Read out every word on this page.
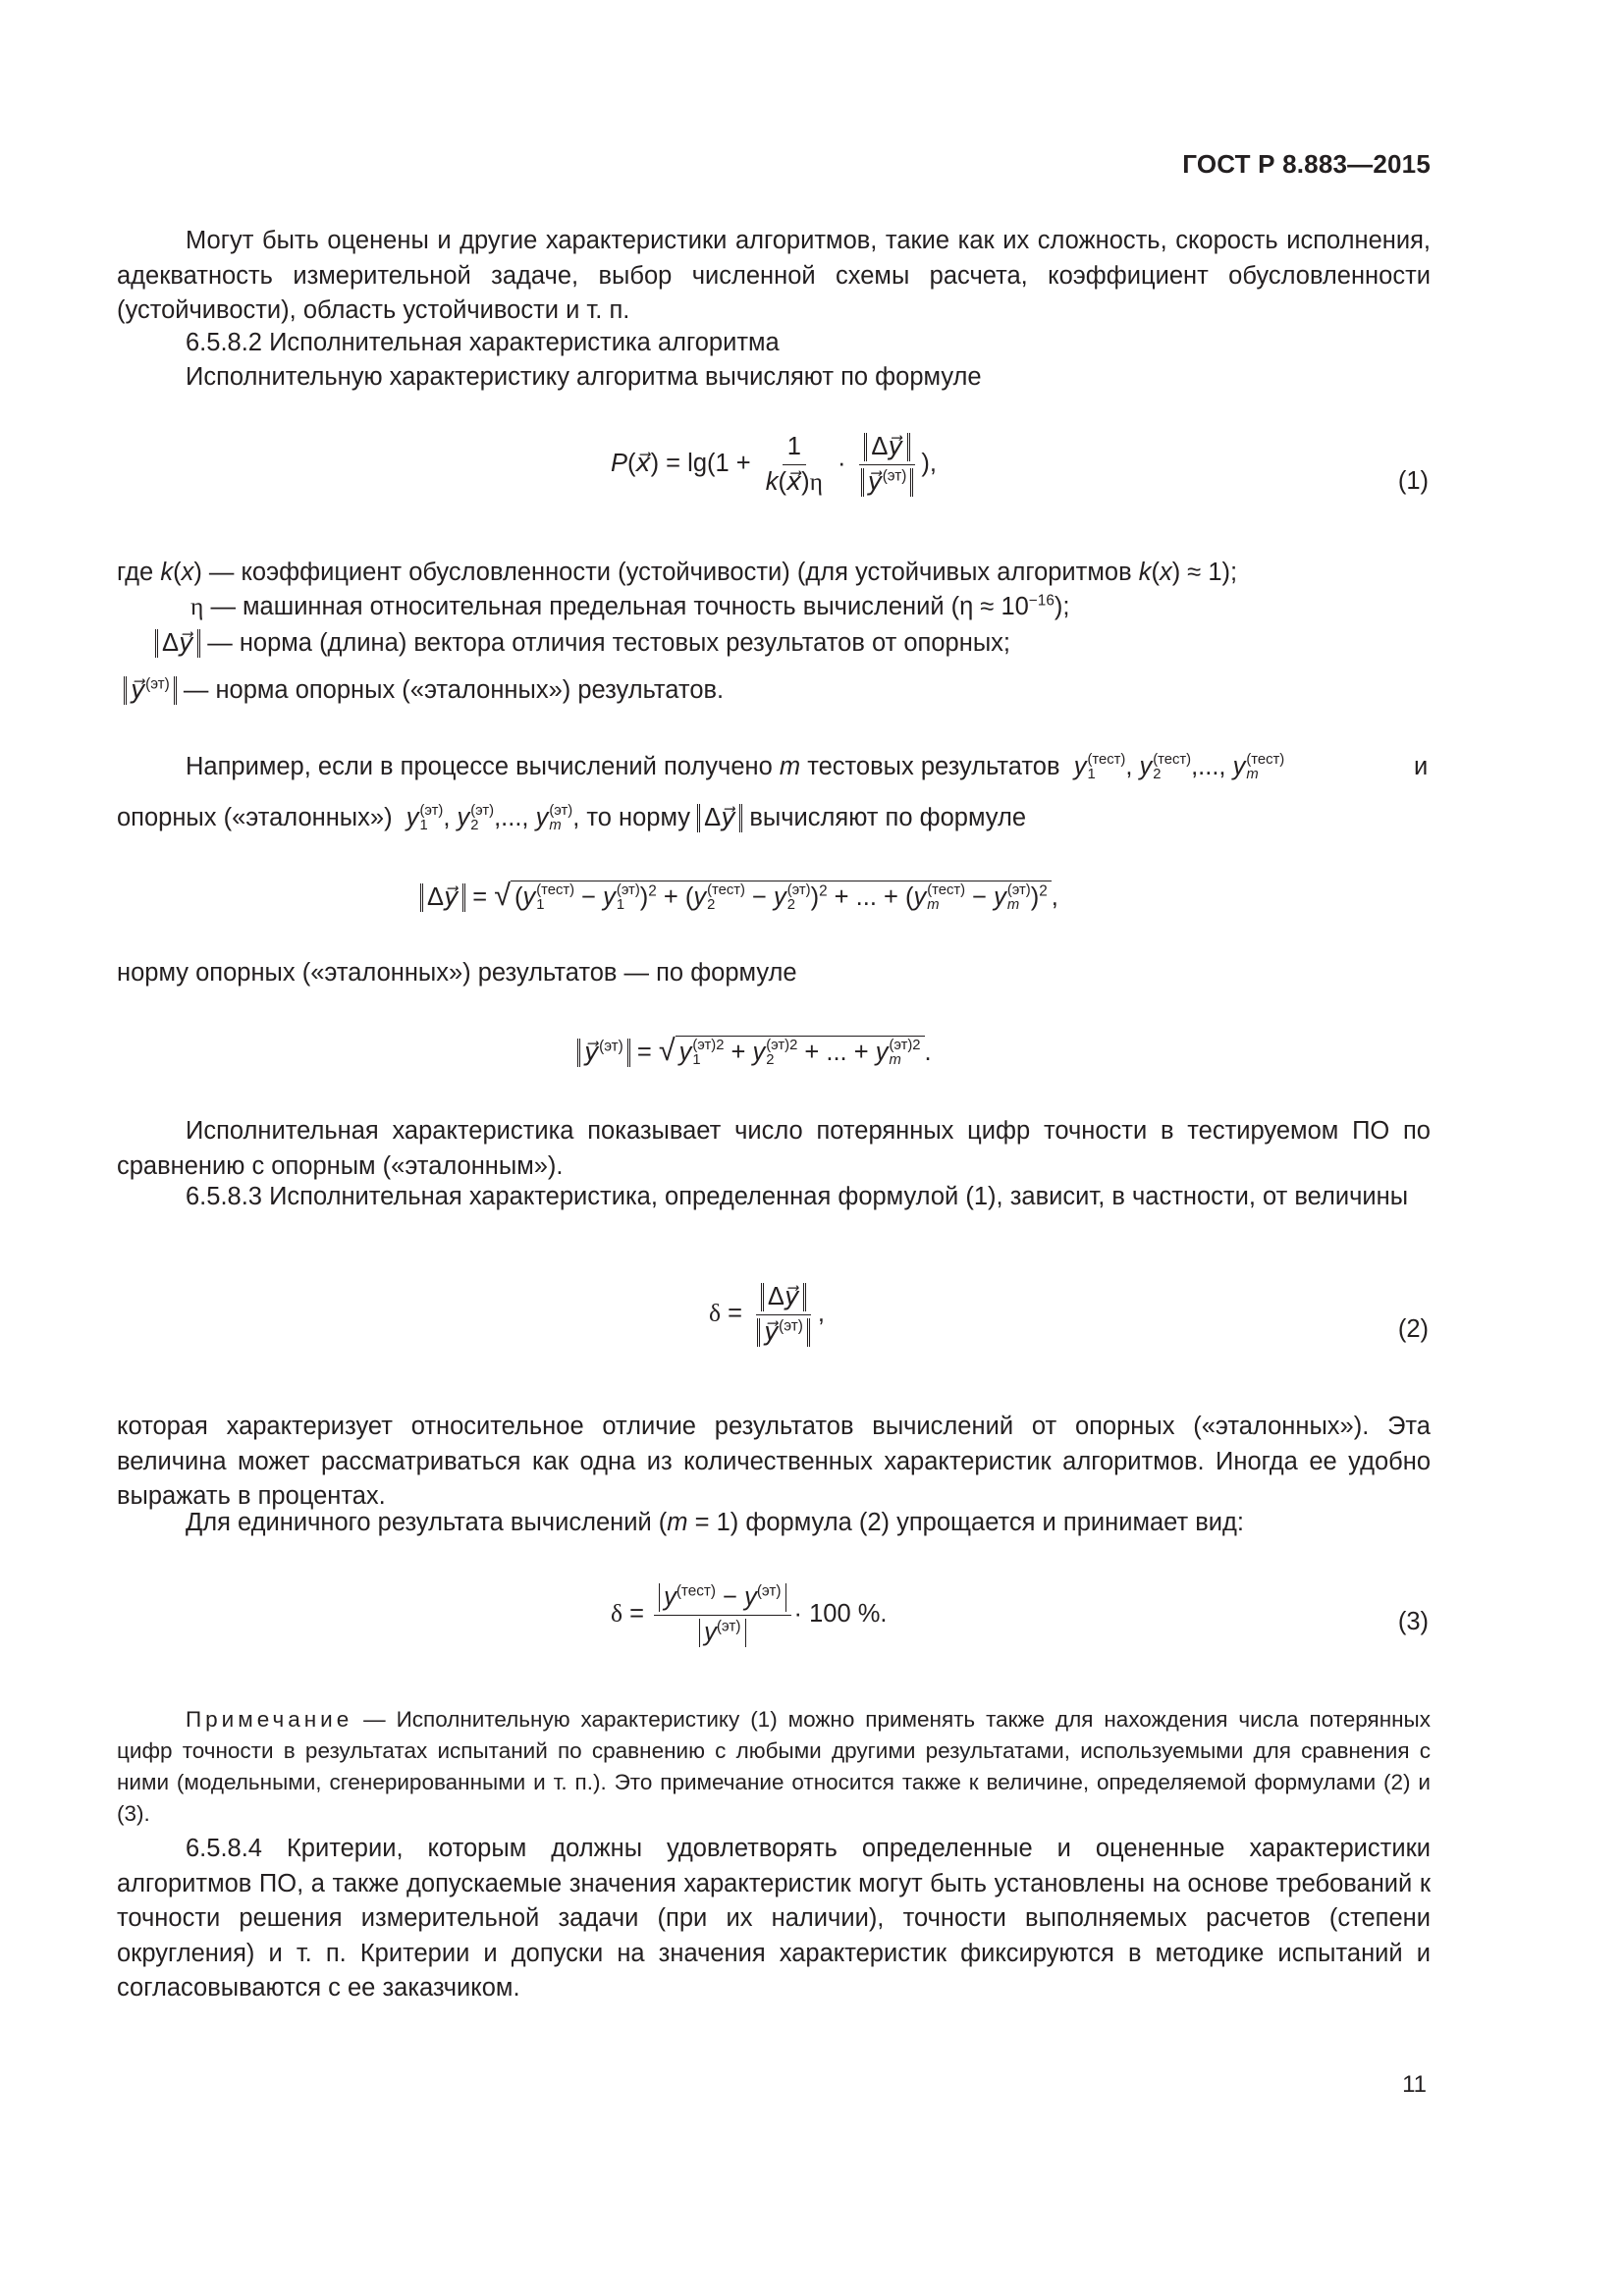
ГОСТ Р 8.883—2015
Могут быть оценены и другие характеристики алгоритмов, такие как их сложность, скорость исполнения, адекватность измерительной задаче, выбор численной схемы расчета, коэффициент обусловленности (устойчивости), область устойчивости и т. п.
6.5.8.2 Исполнительная характеристика алгоритма
Исполнительную характеристику алгоритма вычисляют по формуле
P(x⃗) = $\lg(1 + \frac{1}{k(x⃗)\eta} \cdot \frac{\Delta y⃗}{y⃗^{(эт)}}$ ),
(1)
где k(x) — коэффициент обусловленности (устойчивости) (для устойчивых алгоритмов k(x) ≈ 1);
η — машинная относительная предельная точность вычислений $(\eta \approx 10^{-16})$;
Δy⃗ — норма (длина) вектора отличия тестовых результатов от опорных;
y⃗$^{(эт)}$ — норма опорных («эталонных») результатов.
Например, если в процессе вычислений получено m тестовых результатов y (тест)
1	, y (тест)
2	,..., y (тест)
m	и
опорных («эталонных») y (эт)
1 , y (эт)
2 ,..., y (эт)
m , то норму Δy⃗ вычисляют по формуле
Δy⃗ = √ (y (тест)
1	− y (эт)
1 )$^2$ + (y (тест)
2	− y (эт)
2 )$^2$ + ... + (y (тест)
m	− y (эт)
m )$^2$ ,
норму опорных («эталонных») результатов — по формуле
y⃗$^{(эт)}$ = √ y (эт)2
1 + y (эт)2
2 + ... + y (эт)2
m .
Исполнительная характеристика показывает число потерянных цифр точности в тестируемом ПО по сравнению с опорным («эталонным»).
6.5.8.3 Исполнительная характеристика, определенная формулой (1), зависит, в частности, от величины
$\delta = \frac{\Delta y⃗}{y⃗^{(эт)}}$ ,
(2)
которая характеризует относительное отличие результатов вычислений от опорных («эталонных»). Эта величина может рассматриваться как одна из количественных характеристик алгоритмов. Иногда ее удобно выражать в процентах.
Для единичного результата вычислений (m = 1) формула (2) упрощается и принимает вид:
$\delta = \frac{y^{(тест)} - y^{(эт)}}{y^{(эт)}} \cdot 100$ %.	(3)
Примечание — Исполнительную характеристику (1) можно применять также для нахождения числа потерянных цифр точности в результатах испытаний по сравнению с любыми другими результатами, используемыми для сравнения с ними (модельными, сгенерированными и т. п.). Это примечание относится также к величине, определяемой формулами (2) и (3).
6.5.8.4 Критерии, которым должны удовлетворять определенные и оцененные характеристики алгоритмов ПО, а также допускаемые значения характеристик могут быть установлены на основе требований к точности решения измерительной задачи (при их наличии), точности выполняемых расчетов (степени округления) и т. п. Критерии и допуски на значения характеристик фиксируются в методике испытаний и согласовываются с ее заказчиком.
11
